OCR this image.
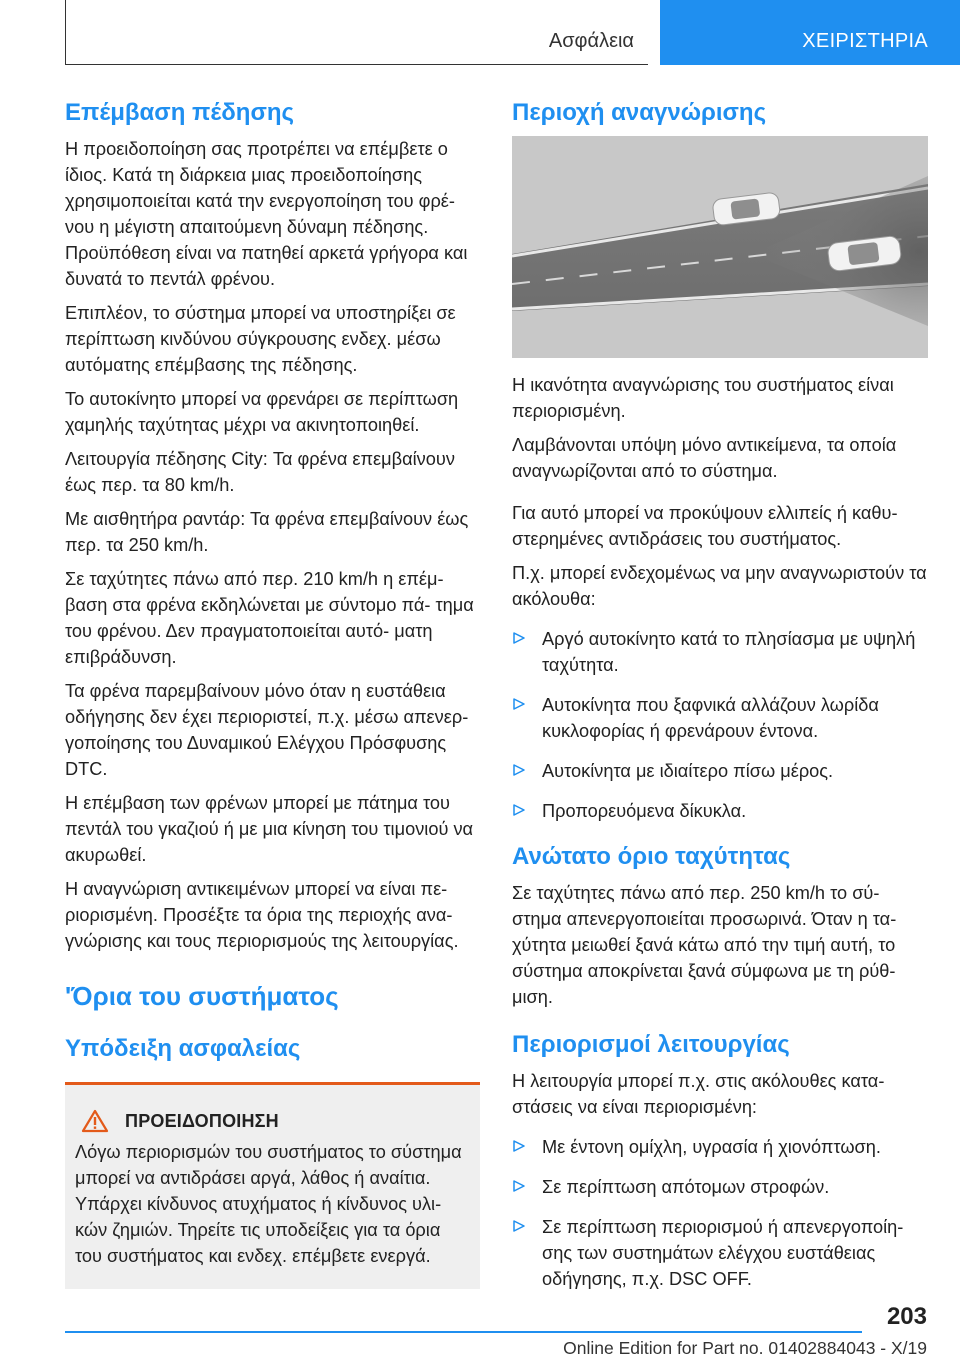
Ασφάλεια	ΧΕΙΡΙΣΤΗΡΙΑ
Επέμβαση πέδησης

Η προειδοποίηση σας προτρέπει να επέμβετε ο ίδιος. Κατά τη διάρκεια μιας προειδοποίησης χρησιμοποιείται κατά την ενεργοποίηση του φρέ‐ νου η μέγιστη απαιτούμενη δύναμη πέδησης. Προϋπόθεση είναι να πατηθεί αρκετά γρήγορα και δυνατά το πεντάλ φρένου.

Επιπλέον, το σύστημα μπορεί να υποστηρίξει σε περίπτωση κινδύνου σύγκρουσης ενδεχ. μέσω αυτόματης επέμβασης της πέδησης.

Το αυτοκίνητο μπορεί να φρενάρει σε περίπτωση χαμηλής ταχύτητας μέχρι να ακινητοποιηθεί.

Λειτουργία πέδησης City: Τα φρένα επεμβαίνουν έως περ. τα 80 km/h.

Με αισθητήρα ραντάρ: Τα φρένα επεμβαίνουν έως περ. τα 250 km/h.

Σε ταχύτητες πάνω από περ. 210 km/h η επέμ‐ βαση στα φρένα εκδηλώνεται με σύντομο πά‐ τημα του φρένου. Δεν πραγματοποιείται αυτό‐ ματη επιβράδυνση.

Τα φρένα παρεμβαίνουν μόνο όταν η ευστάθεια οδήγησης δεν έχει περιοριστεί, π.χ. μέσω απενερ‐ γοποίησης του Δυναμικού Ελέγχου Πρόσφυσης DTC.

Η επέμβαση των φρένων μπορεί με πάτημα του πεντάλ του γκαζιού ή με μια κίνηση του τιμονιού να ακυρωθεί.

Η αναγνώριση αντικειμένων μπορεί να είναι πε‐ ριορισμένη. Προσέξτε τα όρια της περιοχής ανα‐ γνώρισης και τους περιορισμούς της λειτουργίας.

'Όρια του συστήματος
Υπόδειξη ασφαλείας
ΠΡΟΕΙΔΟΠΟΙΗΣΗ

Λόγω περιορισμών του συστήματος το σύστημα μπορεί να αντιδράσει αργά, λάθος ή αναίτια. Υπάρχει κίνδυνος ατυχήματος ή κίνδυνος υλι‐ κών ζημιών. Τηρείτε τις υποδείξεις για τα όρια του συστήματος και ενδεχ. επέμβετε ενεργά.

Περιοχή αναγνώρισης

Η ικανότητα αναγνώρισης του συστήματος είναι περιορισμένη.

Λαμβάνονται υπόψη μόνο αντικείμενα, τα οποία αναγνωρίζονται από το σύστημα.

Για αυτό μπορεί να προκύψουν ελλιπείς ή καθυ‐ στερημένες αντιδράσεις του συστήματος.

Π.χ. μπορεί ενδεχομένως να μην αναγνωριστούν τα ακόλουθα:

Αργό αυτοκίνητο κατά το πλησίασμα με υψηλή ταχύτητα.
Αυτοκίνητα που ξαφνικά αλλάζουν λωρίδα κυκλοφορίας ή φρενάρουν έντονα.
Αυτοκίνητα με ιδιαίτερο πίσω μέρος.
Προπορευόμενα δίκυκλα.
Ανώτατο όριο ταχύτητας

Σε ταχύτητες πάνω από περ. 250 km/h το σύ‐ στημα απενεργοποιείται προσωρινά. Όταν η τα‐ χύτητα μειωθεί ξανά κάτω από την τιμή αυτή, το σύστημα αποκρίνεται ξανά σύμφωνα με τη ρύθ‐ μιση.

Περιορισμοί λειτουργίας

Η λειτουργία μπορεί π.χ. στις ακόλουθες κατα‐ στάσεις να είναι περιορισμένη:

Με έντονη ομίχλη, υγρασία ή χιονόπτωση.
Σε περίπτωση απότομων στροφών.
Σε περίπτωση περιορισμού ή απενεργοποίη‐ σης των συστημάτων ελέγχου ευστάθειας οδήγησης, π.χ. DSC OFF.
203
Online Edition for Part no. 01402884043 - X/19
